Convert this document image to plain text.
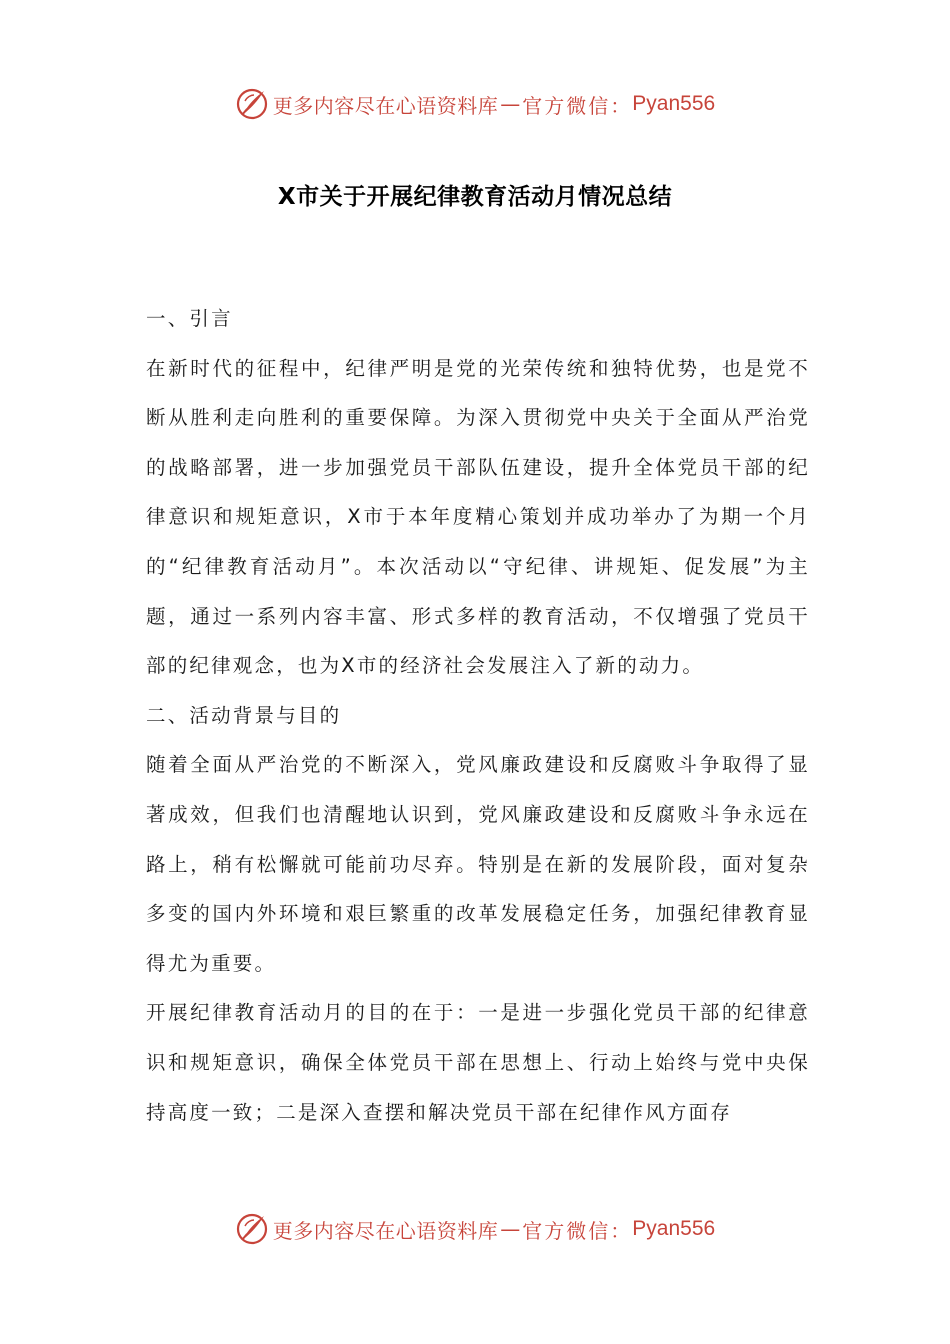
更多内容尽在心语资料库 — 官方微信： Pyan556
X市关于开展纪律教育活动月情况总结

一、引言

在新时代的征程中，纪律严明是党的光荣传统和独特优势，也是党不断从胜利走向胜利的重要保障。为深入贯彻党中央关于全面从严治党的战略部署，进一步加强党员干部队伍建设，提升全体党员干部的纪律意识和规矩意识，X市于本年度精心策划并成功举办了为期一个月的“纪律教育活动月”。本次活动以“守纪律、讲规矩、促发展”为主题，通过一系列内容丰富、形式多样的教育活动，不仅增强了党员干部的纪律观念，也为X市的经济社会发展注入了新的动力。

二、活动背景与目的

随着全面从严治党的不断深入，党风廉政建设和反腐败斗争取得了显著成效，但我们也清醒地认识到，党风廉政建设和反腐败斗争永远在路上，稍有松懈就可能前功尽弃。特别是在新的发展阶段，面对复杂多变的国内外环境和艰巨繁重的改革发展稳定任务，加强纪律教育显得尤为重要。

开展纪律教育活动月的目的在于：一是进一步强化党员干部的纪律意识和规矩意识，确保全体党员干部在思想上、行动上始终与党中央保持高度一致；二是深入查摆和解决党员干部在纪律作风方面存

更多内容尽在心语资料库 — 官方微信： Pyan556
